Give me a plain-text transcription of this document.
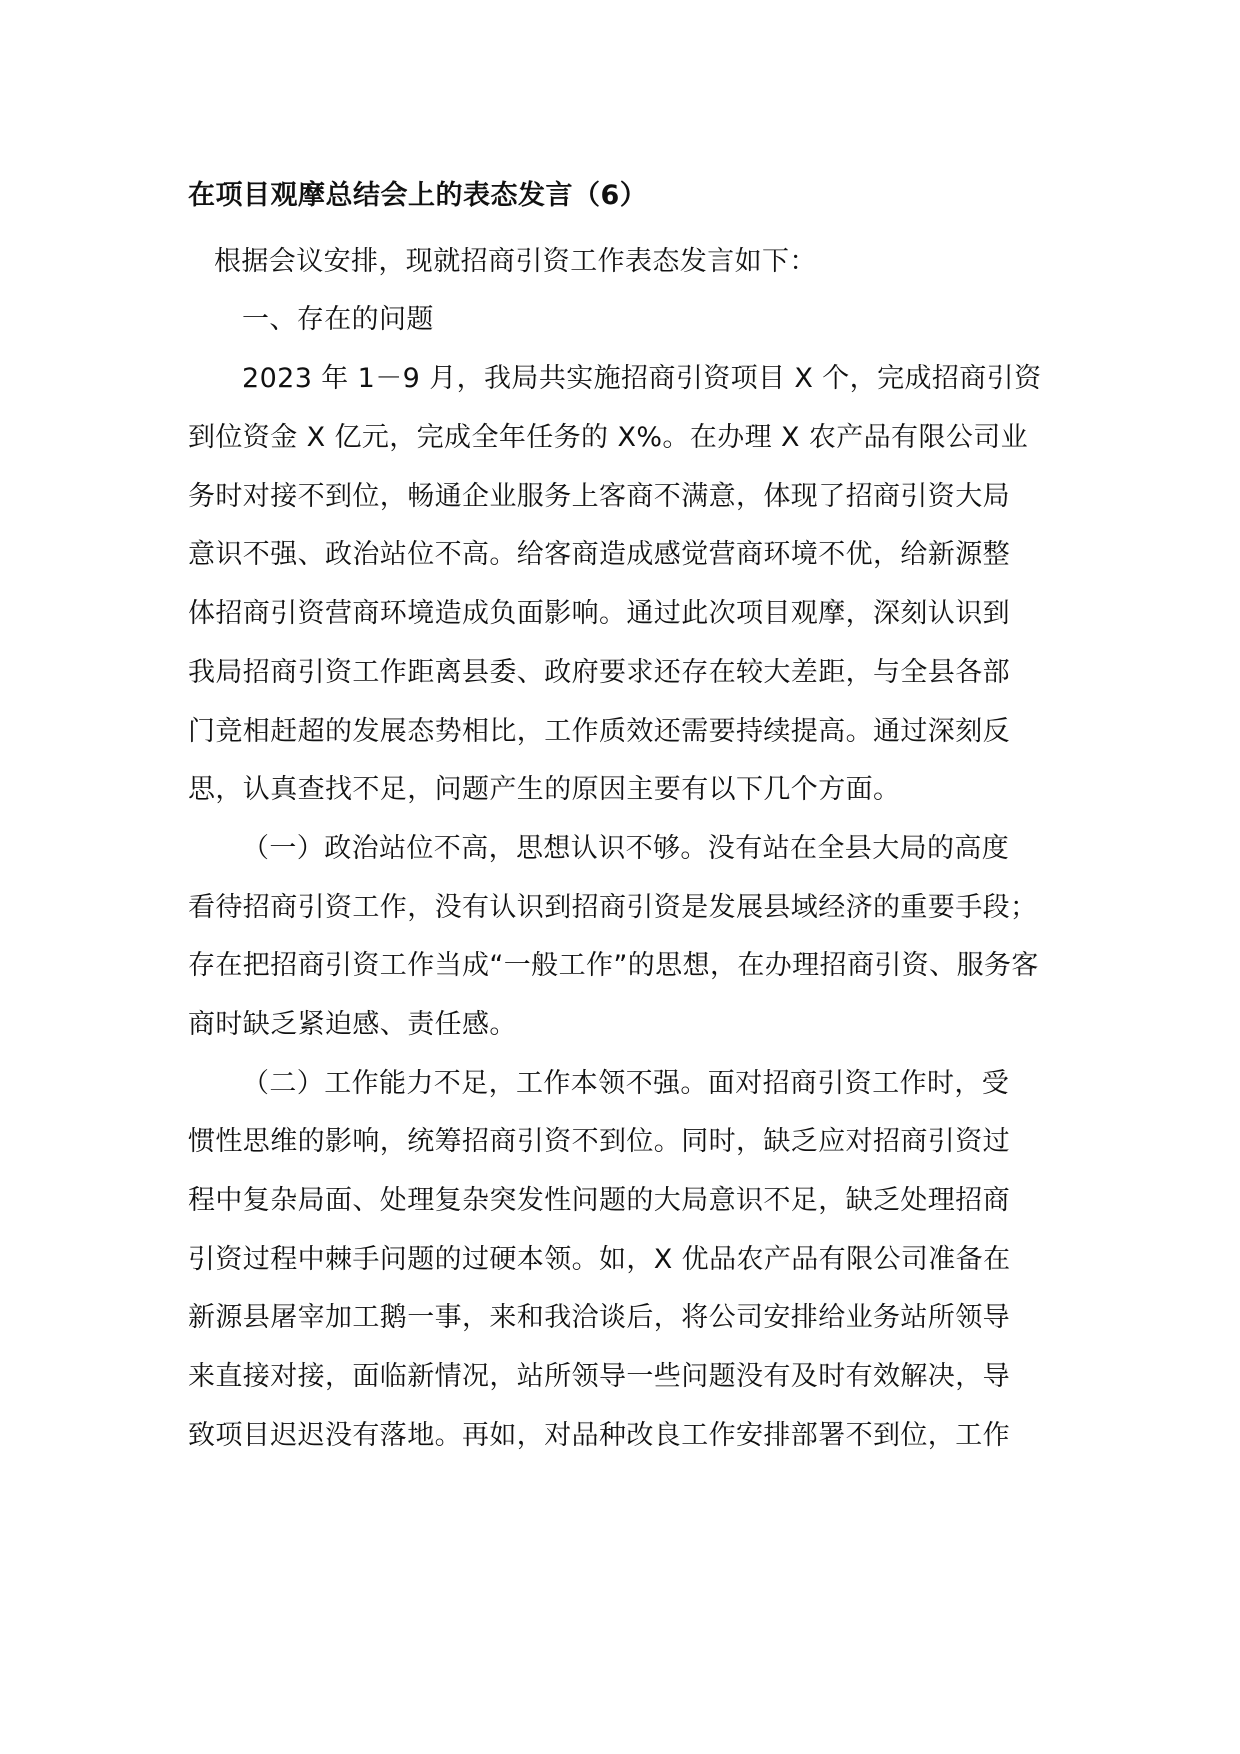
在项目观摩总结会上的表态发言（6）
根据会议安排，现就招商引资工作表态发言如下：
一、存在的问题
2023 年 1－9 月，我局共实施招商引资项目 X 个，完成招商引资
到位资金 X 亿元，完成全年任务的 X%。在办理 X 农产品有限公司业
务时对接不到位，畅通企业服务上客商不满意，体现了招商引资大局
意识不强、政治站位不高。给客商造成感觉营商环境不优，给新源整
体招商引资营商环境造成负面影响。通过此次项目观摩，深刻认识到
我局招商引资工作距离县委、政府要求还存在较大差距，与全县各部
门竞相赶超的发展态势相比，工作质效还需要持续提高。通过深刻反
思，认真查找不足，问题产生的原因主要有以下几个方面。
（一）政治站位不高，思想认识不够。没有站在全县大局的高度
看待招商引资工作，没有认识到招商引资是发展县域经济的重要手段；
存在把招商引资工作当成“一般工作”的思想，在办理招商引资、服务客
商时缺乏紧迫感、责任感。
（二）工作能力不足，工作本领不强。面对招商引资工作时，受
惯性思维的影响，统筹招商引资不到位。同时，缺乏应对招商引资过
程中复杂局面、处理复杂突发性问题的大局意识不足，缺乏处理招商
引资过程中棘手问题的过硬本领。如，X 优品农产品有限公司准备在
新源县屠宰加工鹅一事，来和我洽谈后，将公司安排给业务站所领导
来直接对接，面临新情况，站所领导一些问题没有及时有效解决，导
致项目迟迟没有落地。再如，对品种改良工作安排部署不到位，工作
